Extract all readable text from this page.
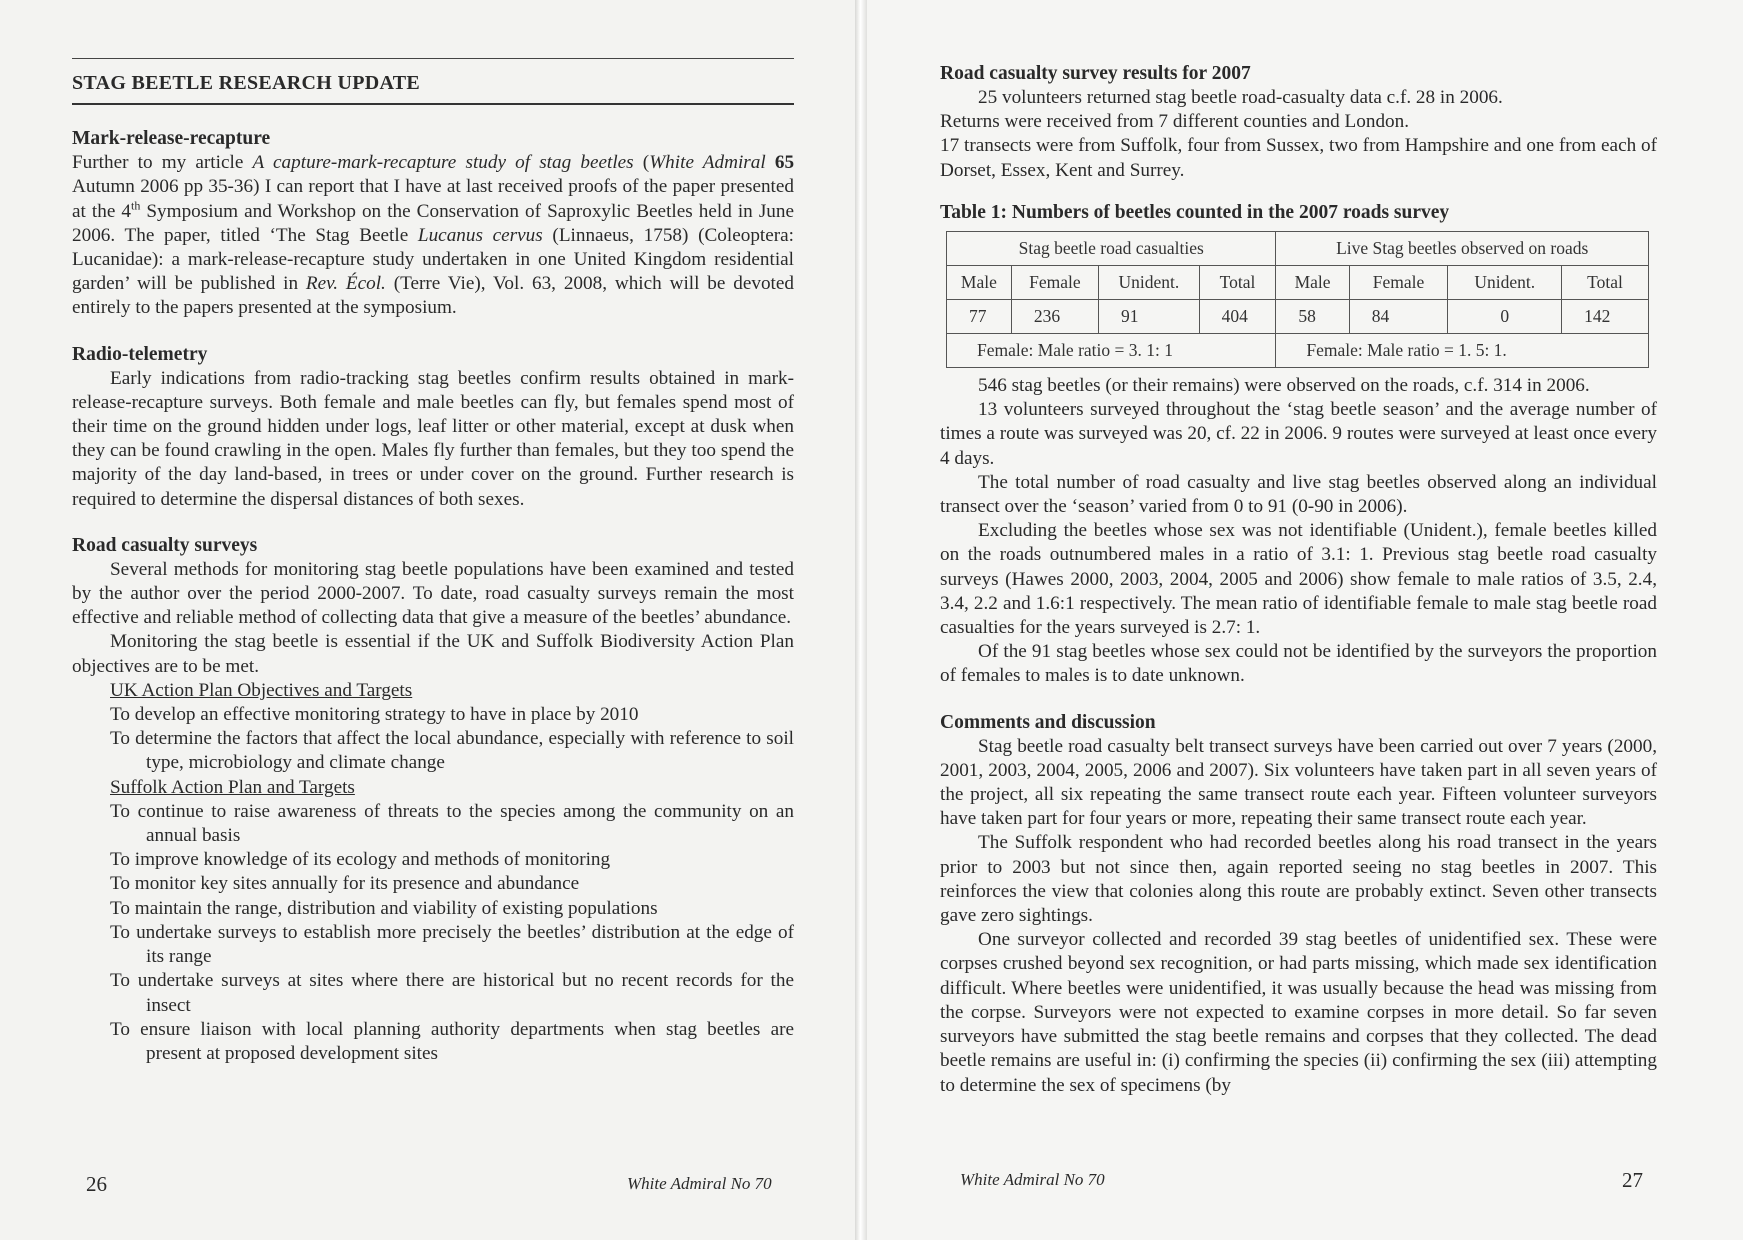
STAG BEETLE RESEARCH UPDATE
Mark-release-recapture

Further to my article A capture-mark-recapture study of stag beetles (White Admiral 65 Autumn 2006 pp 35-36) I can report that I have at last received proofs of the paper presented at the 4th Symposium and Workshop on the Conservation of Saproxylic Beetles held in June 2006. The paper, titled ‘The Stag Beetle Lucanus cervus (Linnaeus, 1758) (Coleoptera: Lucanidae): a mark-release-recapture study undertaken in one United Kingdom residential garden’ will be published in Rev. Écol. (Terre Vie), Vol. 63, 2008, which will be devoted entirely to the papers presented at the symposium.

Radio-telemetry

Early indications from radio-tracking stag beetles confirm results obtained in mark-release-recapture surveys. Both female and male beetles can fly, but females spend most of their time on the ground hidden under logs, leaf litter or other material, except at dusk when they can be found crawling in the open. Males fly further than females, but they too spend the majority of the day land-based, in trees or under cover on the ground. Further research is required to determine the dispersal distances of both sexes.

Road casualty surveys

Several methods for monitoring stag beetle populations have been examined and tested by the author over the period 2000-2007. To date, road casualty surveys remain the most effective and reliable method of collecting data that give a measure of the beetles’ abundance.

Monitoring the stag beetle is essential if the UK and Suffolk Biodiversity Action Plan objectives are to be met.

UK Action Plan Objectives and Targets

To develop an effective monitoring strategy to have in place by 2010

To determine the factors that affect the local abundance, especially with reference to soil type, microbiology and climate change

Suffolk Action Plan and Targets

To continue to raise awareness of threats to the species among the community on an annual basis

To improve knowledge of its ecology and methods of monitoring

To monitor key sites annually for its presence and abundance

To maintain the range, distribution and viability of existing populations

To undertake surveys to establish more precisely the beetles’ distribution at the edge of its range

To undertake surveys at sites where there are historical but no recent records for the insect

To ensure liaison with local planning authority departments when stag beetles are present at proposed development sites

26	White Admiral No 70
Road casualty survey results for 2007

25 volunteers returned stag beetle road-casualty data c.f. 28 in 2006.

Returns were received from 7 different counties and London.

17 transects were from Suffolk, four from Sussex, two from Hampshire and one from each of Dorset, Essex, Kent and Surrey.

Table 1: Numbers of beetles counted in the 2007 roads survey

Stag beetle road casualties				Live Stag beetles observed on roads			
Male	Female	Unident.	Total	Male	Female	Unident.	Total
77	236	91	404	58	84	0	142
Female: Male ratio = 3. 1: 1				Female: Male ratio = 1. 5: 1.			

546 stag beetles (or their remains) were observed on the roads, c.f. 314 in 2006.

13 volunteers surveyed throughout the ‘stag beetle season’ and the average number of times a route was surveyed was 20, cf. 22 in 2006. 9 routes were surveyed at least once every 4 days.

The total number of road casualty and live stag beetles observed along an individual transect over the ‘season’ varied from 0 to 91 (0-90 in 2006).

Excluding the beetles whose sex was not identifiable (Unident.), female beetles killed on the roads outnumbered males in a ratio of 3.1: 1. Previous stag beetle road casualty surveys (Hawes 2000, 2003, 2004, 2005 and 2006) show female to male ratios of 3.5, 2.4, 3.4, 2.2 and 1.6:1 respectively. The mean ratio of identifiable female to male stag beetle road casualties for the years surveyed is 2.7: 1.

Of the 91 stag beetles whose sex could not be identified by the surveyors the proportion of females to males is to date unknown.

Comments and discussion

Stag beetle road casualty belt transect surveys have been carried out over 7 years (2000, 2001, 2003, 2004, 2005, 2006 and 2007). Six volunteers have taken part in all seven years of the project, all six repeating the same transect route each year. Fifteen volunteer surveyors have taken part for four years or more, repeating their same transect route each year.

The Suffolk respondent who had recorded beetles along his road transect in the years prior to 2003 but not since then, again reported seeing no stag beetles in 2007. This reinforces the view that colonies along this route are probably extinct. Seven other transects gave zero sightings.

One surveyor collected and recorded 39 stag beetles of unidentified sex. These were corpses crushed beyond sex recognition, or had parts missing, which made sex identification difficult. Where beetles were unidentified, it was usually because the head was missing from the corpse. Surveyors were not expected to examine corpses in more detail. So far seven surveyors have submitted the stag beetle remains and corpses that they collected. The dead beetle remains are useful in: (i) confirming the species (ii) confirming the sex (iii) attempting to determine the sex of specimens (by

White Admiral No 70	27
